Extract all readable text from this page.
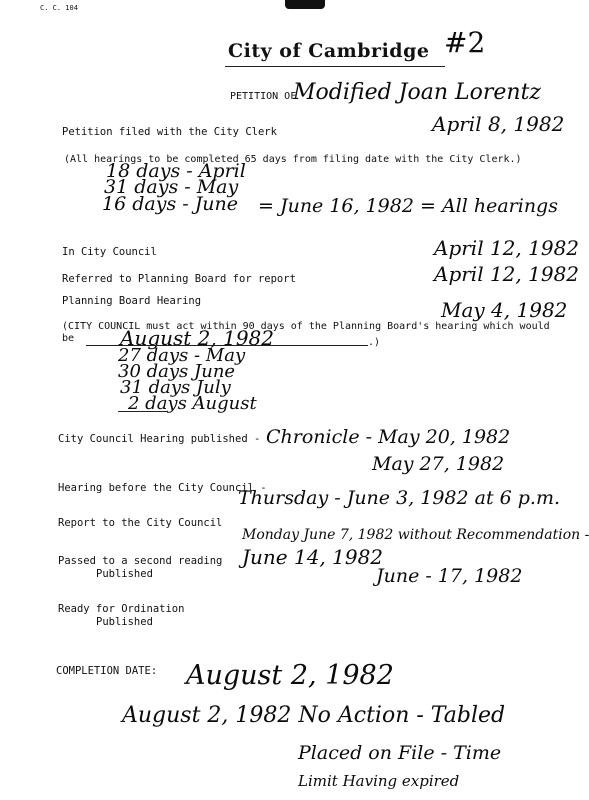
C. C. 104
City of Cambridge #2
PETITION OF
Modified Joan Lorentz
Petition filed with the City Clerk	April 8, 1982
(All hearings to be completed 65 days from filing date with the City Clerk.)
18 days - April
31 days - May
16 days - June = June 16, 1982 = All hearings
In City Council	April 12, 1982
Referred to Planning Board for report	April 12, 1982
Planning Board Hearing	May 4, 1982
(CITY COUNCIL must act within 90 days of the Planning Board's hearing which would
be August 2, 1982	.)
27 days - May
30 days June
31 days July
2 days August
City Council Hearing published - Chronicle - May 20, 1982
May 27, 1982
Hearing before the City Council -
Thursday - June 3, 1982 at 6 p.m.
Report to the City Council
Monday June 7, 1982 without Recommendation -
Passed to a second reading June 14, 1982
Published	June - 17, 1982
Ready for Ordination
Published
COMPLETION DATE: August 2, 1982
August 2, 1982 No Action - Tabled
Placed on File - Time
Limit Having expired
